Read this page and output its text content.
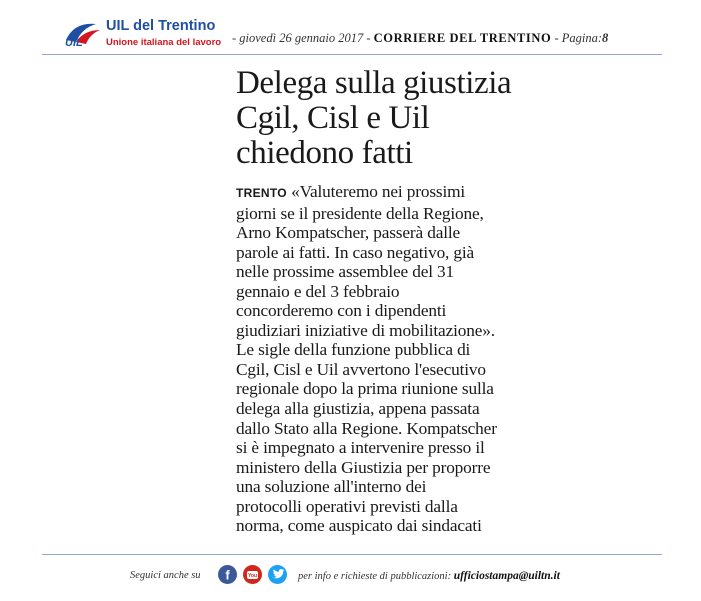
UIL
UIL del Trentino
Unione italiana del lavoro - giovedì 26 gennaio 2017 - CORRIERE DEL TRENTINO - Pagina:8
Delega sulla giustizia
Cgil, Cisl e Uil
chiedono fatti
TRENTO «Valuteremo nei prossimi
giorni se il presidente della Regione,
Arno Kompatscher, passerà dalle
parole ai fatti. In caso negativo, già
nelle prossime assemblee del 31
gennaio e del 3 febbraio
concorderemo con i dipendenti
giudiziari iniziative di mobilitazione».
Le sigle della funzione pubblica di
Cgil, Cisl e Uil avvertono l'esecutivo
regionale dopo la prima riunione sulla
delega alla giustizia, appena passata
dallo Stato alla Regione. Kompatscher
si è impegnato a intervenire presso il
ministero della Giustizia per proporre
una soluzione all'interno dei
protocolli operativi previsti dalla
norma, come auspicato dai sindacati
Seguici anche su f	You	per info e richieste di pubblicazioni: ufficiostampa@uiltn.it
